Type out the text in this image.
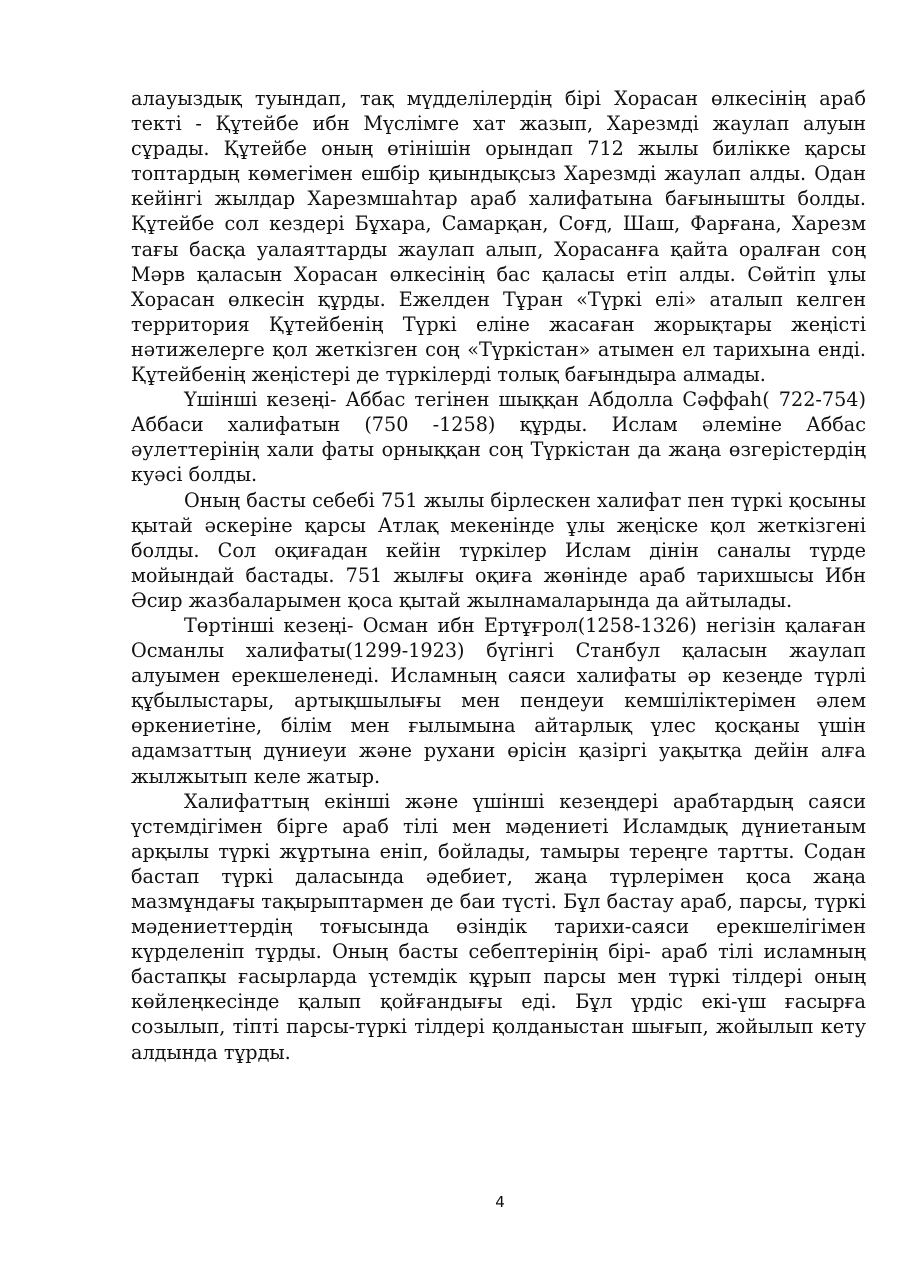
алауыздық туындап, тақ мүдделілердің бірі Хорасан өлкесінің араб текті - Құтейбе ибн Мүслімге хат жазып, Харезмді жаулап алуын сұрады. Құтейбе оның өтінішін орындап 712 жылы билікке қарсы топтардың көмегімен ешбір қиындықсыз Харезмді жаулап алды. Одан кейінгі жылдар Харезмшаһтар араб халифатына бағынышты болды. Құтейбе сол кездері Бұхара, Самарқан, Соғд, Шаш, Фарғана, Харезм тағы басқа уалаяттарды жаулап алып, Хорасанға қайта оралған соң Мәрв қаласын Хорасан өлкесінің бас қаласы етіп алды. Сөйтіп ұлы Хорасан өлкесін құрды. Ежелден Тұран «Түркі елі» аталып келген территория Құтейбенің Түркі еліне жасаған жорықтары жеңісті нәтижелерге қол жеткізген соң «Түркістан» атымен ел тарихына енді. Құтейбенің жеңістері де түркілерді толық бағындыра алмады.

Үшінші кезеңі- Аббас тегінен шыққан Абдолла Сәффаһ( 722-754) Аббаси халифатын (750 -1258) құрды. Ислам әлеміне Аббас әулеттерінің хали фаты орныққан соң Түркістан да жаңа өзгерістердің куәсі болды.

Оның басты себебі 751 жылы бірлескен халифат пен түркі қосыны қытай әскеріне қарсы Атлақ мекенінде ұлы жеңіске қол жеткізгені болды. Сол оқиғадан кейін түркілер Ислам дінін саналы түрде мойындай бастады. 751 жылғы оқиға жөнінде араб тарихшысы Ибн Әсир жазбаларымен қоса қытай жылнамаларында да айтылады.

Төртінші кезеңі- Осман ибн Ертұғрол(1258-1326) негізін қалаған Османлы халифаты(1299-1923) бүгінгі Станбул қаласын жаулап алуымен ерекшеленеді. Исламның саяси халифаты әр кезеңде түрлі құбылыстары, артықшылығы мен пендеуи кемшіліктерімен әлем өркениетіне, білім мен ғылымына айтарлық үлес қосқаны үшін адамзаттың дүниеуи және рухани өрісін қазіргі уақытқа дейін алға жылжытып келе жатыр.

Халифаттың екінші және үшінші кезеңдері арабтардың саяси үстемдігімен бірге араб тілі мен мәдениеті Исламдық дүниетаным арқылы түркі жұртына еніп, бойлады, тамыры тереңге тартты. Содан бастап түркі даласында әдебиет, жаңа түрлерімен қоса жаңа мазмұндағы тақырыптармен де баи түсті. Бұл бастау араб, парсы, түркі мәдениеттердің тоғысында өзіндік тарихи-саяси ерекшелігімен күрделеніп тұрды. Оның басты себептерінің бірі- араб тілі исламның бастапқы ғасырларда үстемдік құрып парсы мен түркі тілдері оның көйлеңкесінде қалып қойғандығы еді. Бұл үрдіс екі-үш ғасырға созылып, тіпті парсы-түркі тілдері қолданыстан шығып, жойылып кету алдында тұрды.

4
